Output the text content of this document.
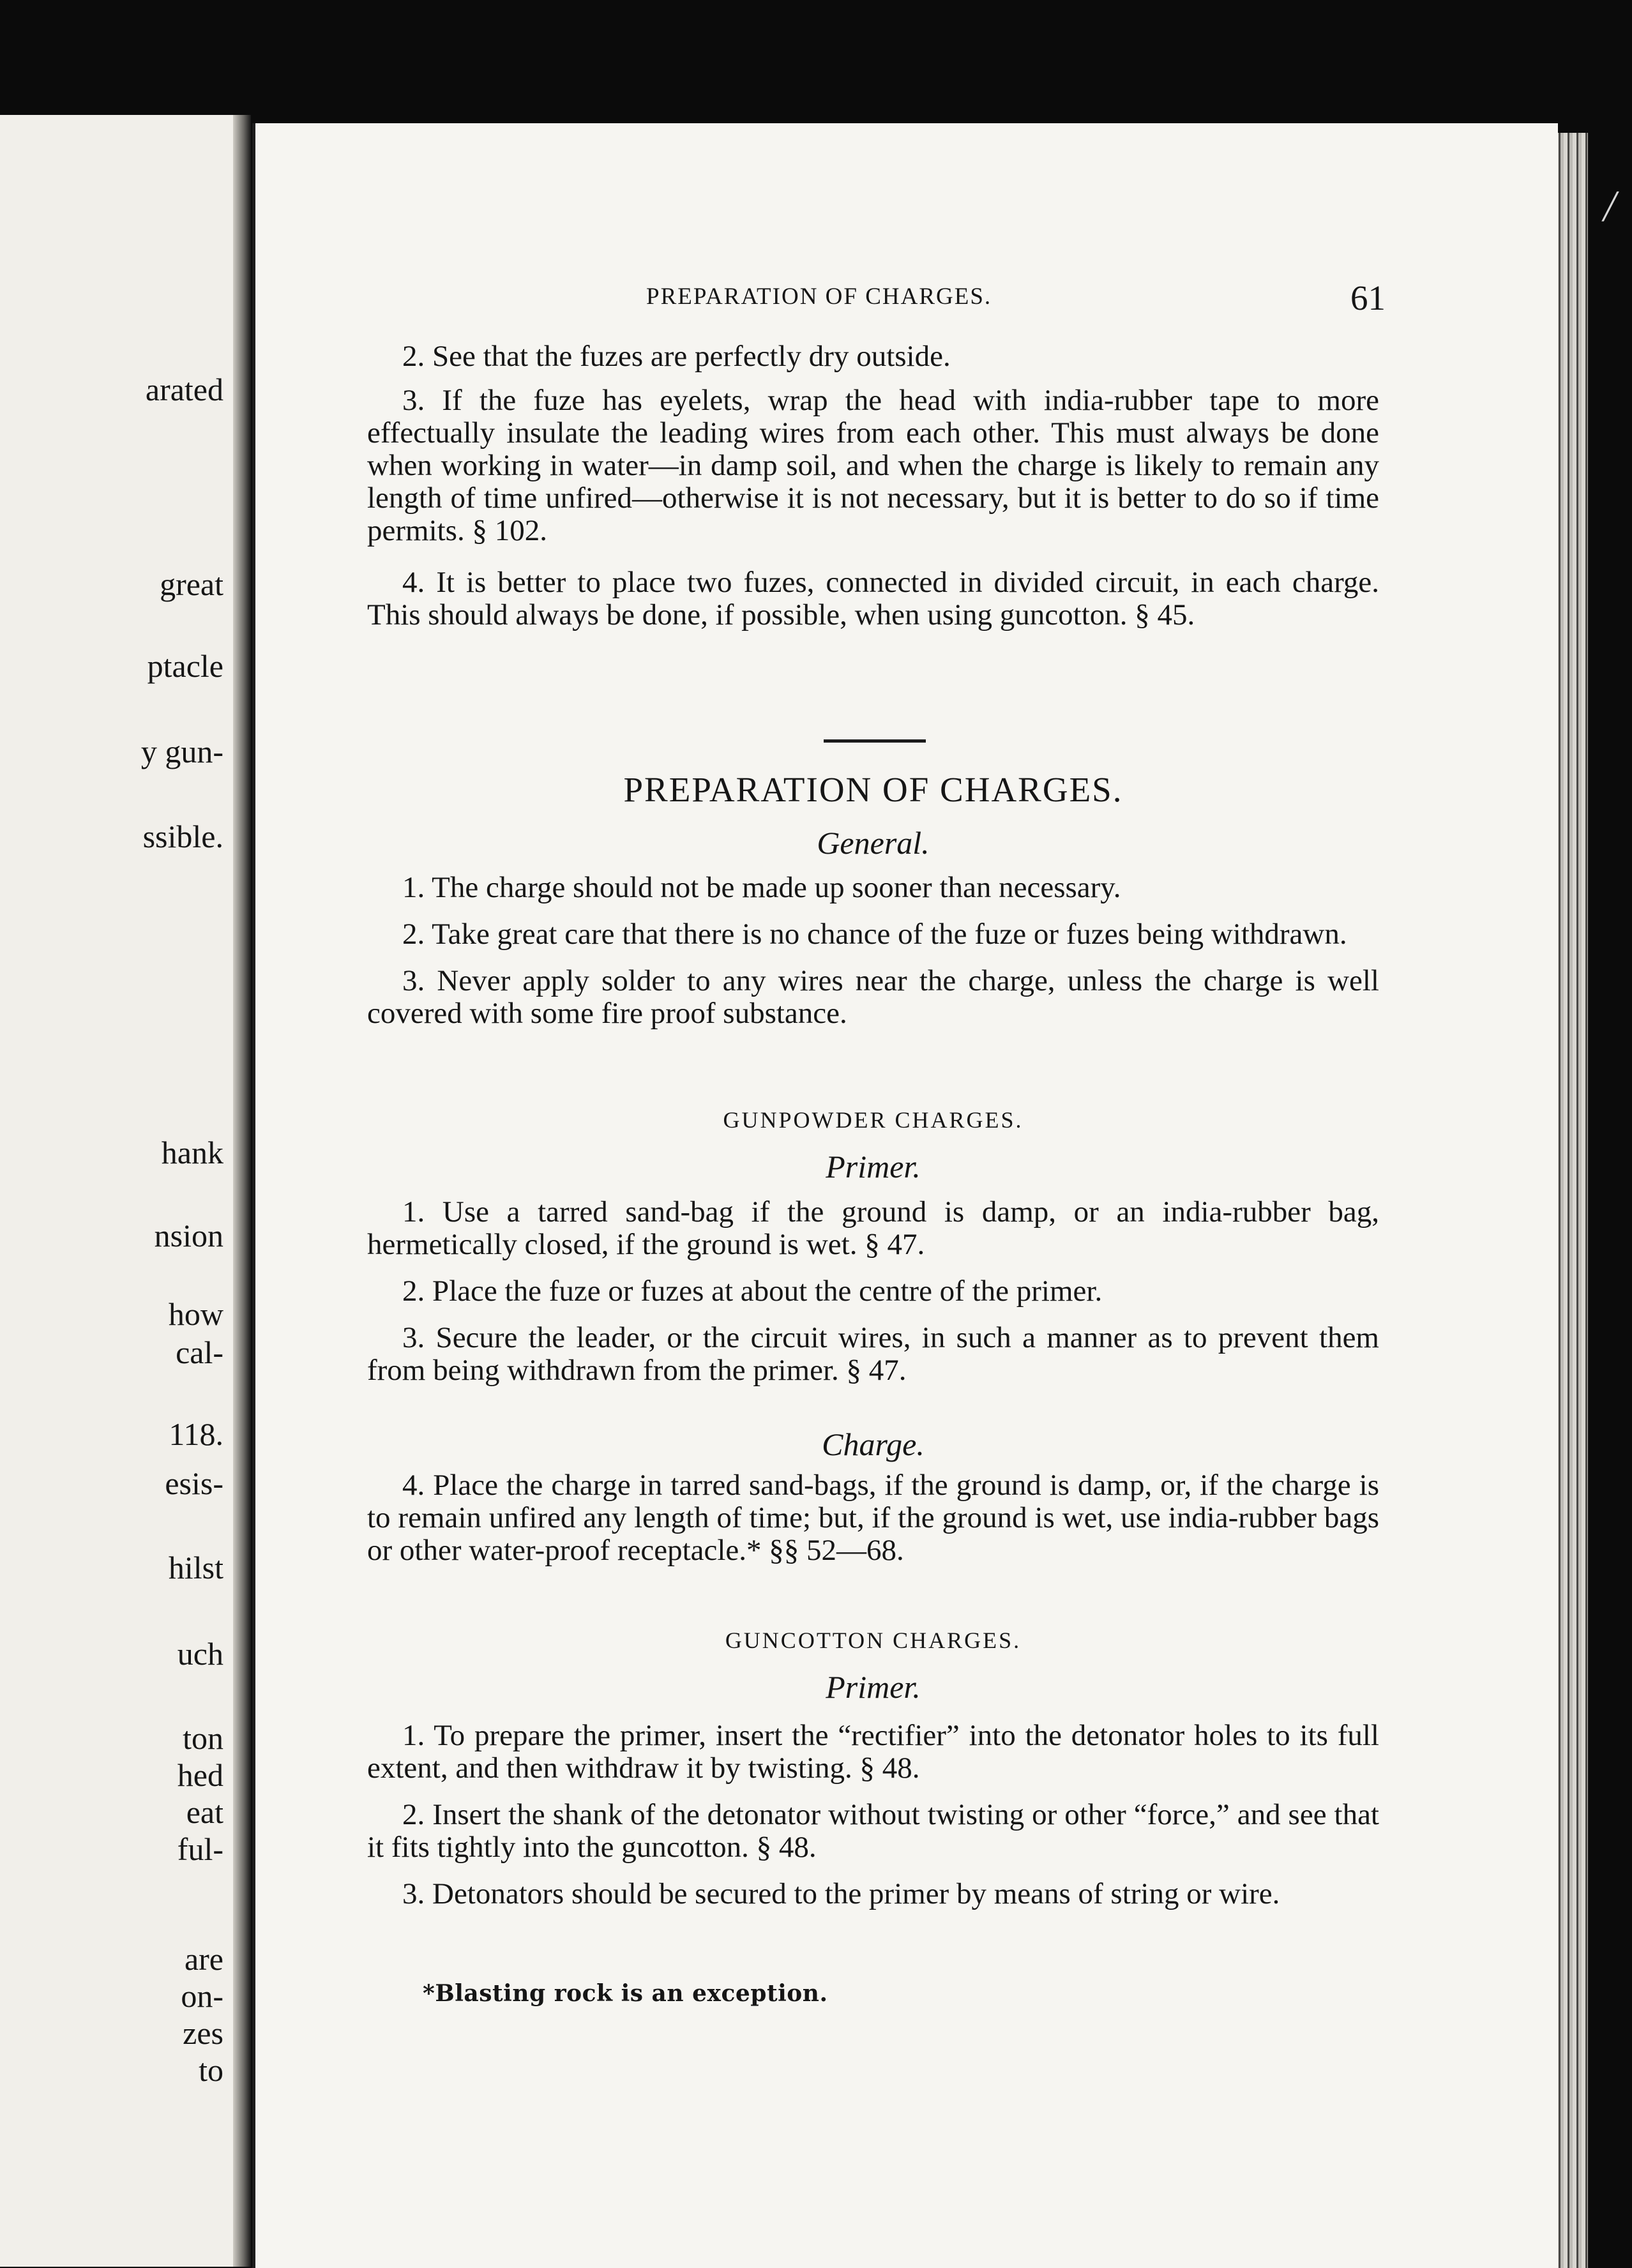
arated
great
ptacle
y gun-
ssible.
hank
nsion
how
cal-
118.
esis-
hilst
uch
ton
hed
eat
ful-
are
on-
zes
to
╱
PREPARATION OF CHARGES.	61

2. See that the fuzes are perfectly dry outside.

3. If the fuze has eyelets, wrap the head with india-rubber tape to more effectually insulate the leading wires from each other. This must always be done when working in water—in damp soil, and when the charge is likely to remain any length of time unfired—otherwise it is not necessary, but it is better to do so if time permits. § 102.

4. It is better to place two fuzes, connected in divided circuit, in each charge. This should always be done, if possible, when using guncotton. § 45.

PREPARATION OF CHARGES.
General.

1. The charge should not be made up sooner than necessary.

2. Take great care that there is no chance of the fuze or fuzes being withdrawn.

3. Never apply solder to any wires near the charge, unless the charge is well covered with some fire proof substance.

GUNPOWDER CHARGES.
Primer.

1. Use a tarred sand-bag if the ground is damp, or an india-rubber bag, hermetically closed, if the ground is wet. § 47.

2. Place the fuze or fuzes at about the centre of the primer.

3. Secure the leader, or the circuit wires, in such a manner as to prevent them from being withdrawn from the primer. § 47.

Charge.

4. Place the charge in tarred sand-bags, if the ground is damp, or, if the charge is to remain unfired any length of time; but, if the ground is wet, use india-rubber bags or other water-proof receptacle.* §§ 52—68.

GUNCOTTON CHARGES.
Primer.

1. To prepare the primer, insert the “rectifier” into the detonator holes to its full extent, and then withdraw it by twisting. § 48.

2. Insert the shank of the detonator without twisting or other “force,” and see that it fits tightly into the guncotton. § 48.

3. Detonators should be secured to the primer by means of string or wire.

*Blasting rock is an exception.
